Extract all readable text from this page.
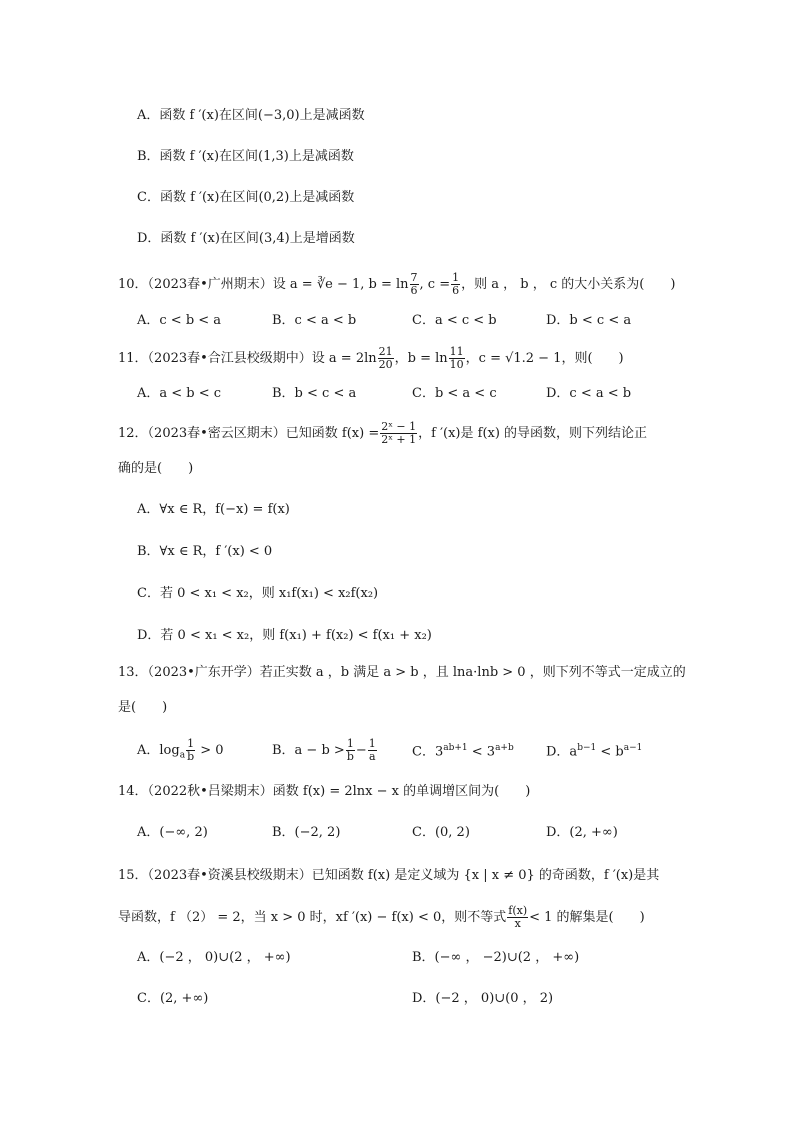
A．函数 f ′(x)在区间(−3,0)上是减函数
B．函数 f ′(x)在区间(1,3)上是减函数
C．函数 f ′(x)在区间(0,2)上是减函数
D．函数 f ′(x)在区间(3,4)上是增函数
10．（2023春•广州期末）设 a = ∛e − 1, $b = \ln \frac{7}{6}$ , $c = \frac{1}{6}$ ，则 a ， b ， c 的大小关系为(　　)
A．c < b < a	B．c < a < b	C．a < c < b	D．b < c < a
11．（2023春•合江县校级期中）设 $a = 2\ln \frac{21}{20}$ ，$b = \ln \frac{11}{10}$ ，c = √1.2 − 1，则(　　)
A．a < b < c	B．b < c < a	C．b < a < c	D．c < a < b
12．（2023春•密云区期末）已知函数 $f(x) = \frac{\text{2ˣ − 1}}{\text{2ˣ + 1}}$ ，f ′(x)是 f(x) 的导函数，则下列结论正
确的是(　　)
A．∀x ∈ R，f(−x) = f(x)
B．∀x ∈ R，f ′(x) < 0
C．若 0 < x₁ < x₂，则 x₁f(x₁) < x₂f(x₂)
D．若 0 < x₁ < x₂，则 f(x₁) + f(x₂) < f(x₁ + x₂)
13．（2023•广东开学）若正实数 a ，b 满足 a > b ，且 lna·lnb > 0 ，则下列不等式一定成立的
是(　　)
A．$\log_a \frac{1}{b} > 0$	B．$a - b > \frac{1}{b} - \frac{1}{a}$	C．$3^{ab+1} < 3^{a+b}$ D．$a^{b-1} < b^{a-1}$
14．（2022秋•吕梁期末）函数 f(x) = 2lnx − x 的单调增区间为(　　)
A．(−∞, 2)	B．(−2, 2)	C．(0, 2)	D．(2, +∞)
15．（2023春•资溪县校级期末）已知函数 f(x) 是定义域为 {x | x ≠ 0} 的奇函数，f ′(x)是其
导函数，f （2） = 2，当 x > 0 时，xf ′(x) − f(x) < 0，则不等式 $\frac{f(x)}{x} < 1$ 的解集是(　　)
A．(−2 ， 0)∪(2 ， +∞)	B．(−∞ ， −2)∪(2 ， +∞)
C．(2, +∞)	D．(−2 ， 0)∪(0 ， 2)
